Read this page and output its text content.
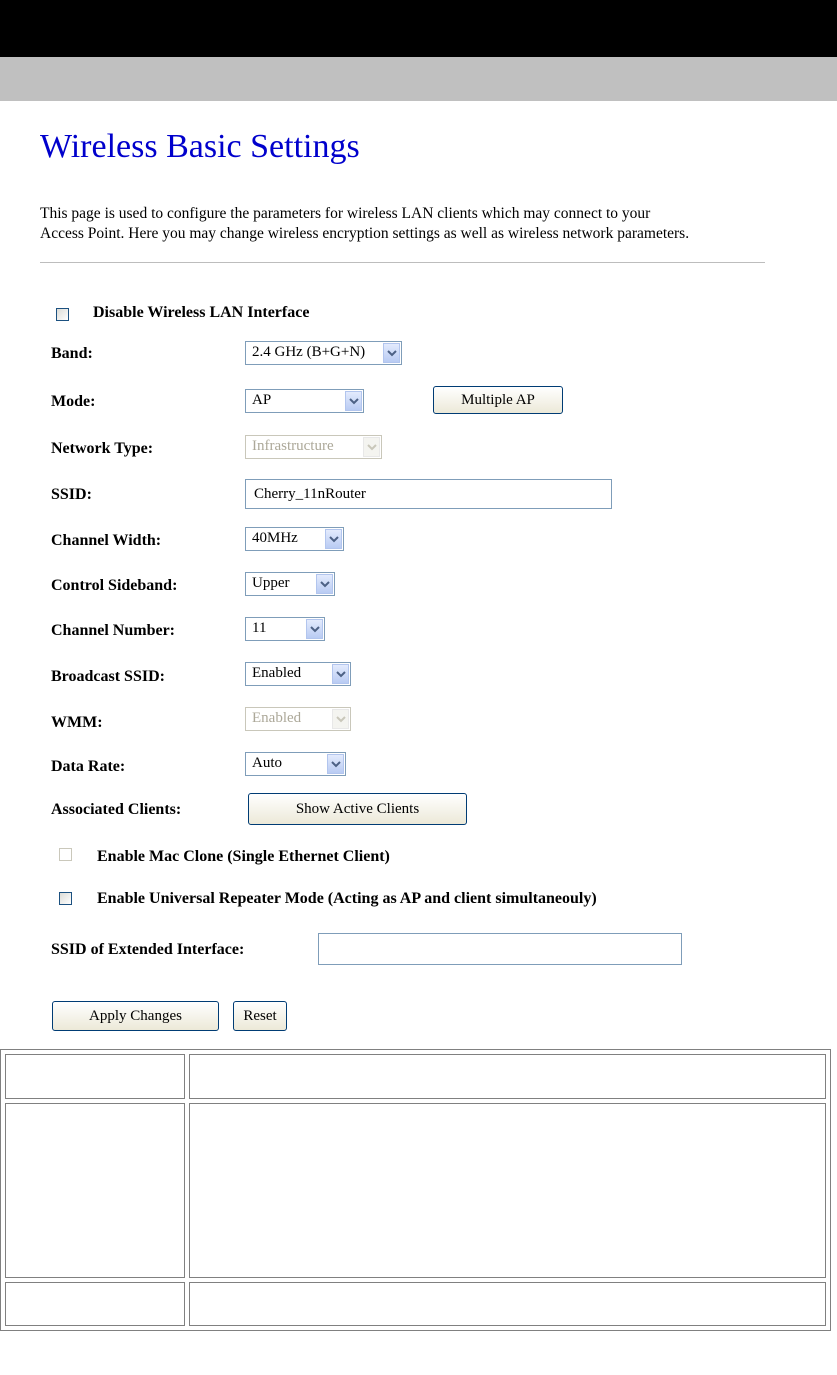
Wireless Basic Settings
This page is used to configure the parameters for wireless LAN clients which may connect to your
Access Point. Here you may change wireless encryption settings as well as wireless network parameters.
Disable Wireless LAN Interface
Band:	2.4 GHz (B+G+N)
Mode:	AP	Multiple AP
Network Type:	Infrastructure
SSID:
Cherry_11nRouter
Channel Width:	40MHz
Control Sideband:	Upper
Channel Number:	11
Broadcast SSID:	Enabled
WMM:	Enabled
Data Rate:	Auto
Associated Clients:	Show Active Clients
Enable Mac Clone (Single Ethernet Client)
Enable Universal Repeater Mode (Acting as AP and client simultaneouly)
SSID of Extended Interface:
Apply Changes	Reset
